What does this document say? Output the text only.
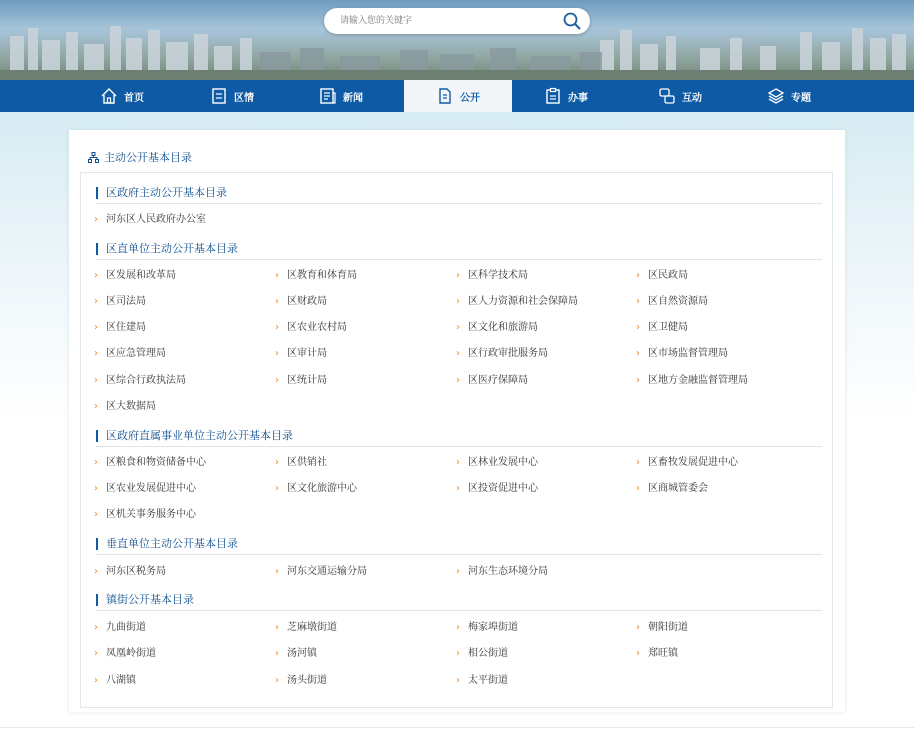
请输入您的关键字
首页	区情	新闻	公开	办事	互动	专题
主动公开基本目录
区政府主动公开基本目录
› 河东区人民政府办公室
区直单位主动公开基本目录
› 区发展和改革局	› 区教育和体育局	› 区科学技术局	› 区民政局
› 区司法局	› 区财政局	› 区人力资源和社会保障局	› 区自然资源局
› 区住建局	› 区农业农村局	› 区文化和旅游局	› 区卫健局
› 区应急管理局	› 区审计局	› 区行政审批服务局	› 区市场监督管理局
› 区综合行政执法局	› 区统计局	› 区医疗保障局	› 区地方金融监督管理局
› 区大数据局
区政府直属事业单位主动公开基本目录
› 区粮食和物资储备中心	› 区供销社	› 区林业发展中心	› 区畜牧发展促进中心
› 区农业发展促进中心	› 区文化旅游中心	› 区投资促进中心	› 区商城管委会
› 区机关事务服务中心
垂直单位主动公开基本目录
› 河东区税务局	› 河东交通运输分局	› 河东生态环境分局
镇街公开基本目录
› 九曲街道	› 芝麻墩街道	› 梅家埠街道	› 朝阳街道
› 凤凰岭街道	› 汤河镇	› 相公街道	› 郑旺镇
› 八湖镇	› 汤头街道	› 太平街道
